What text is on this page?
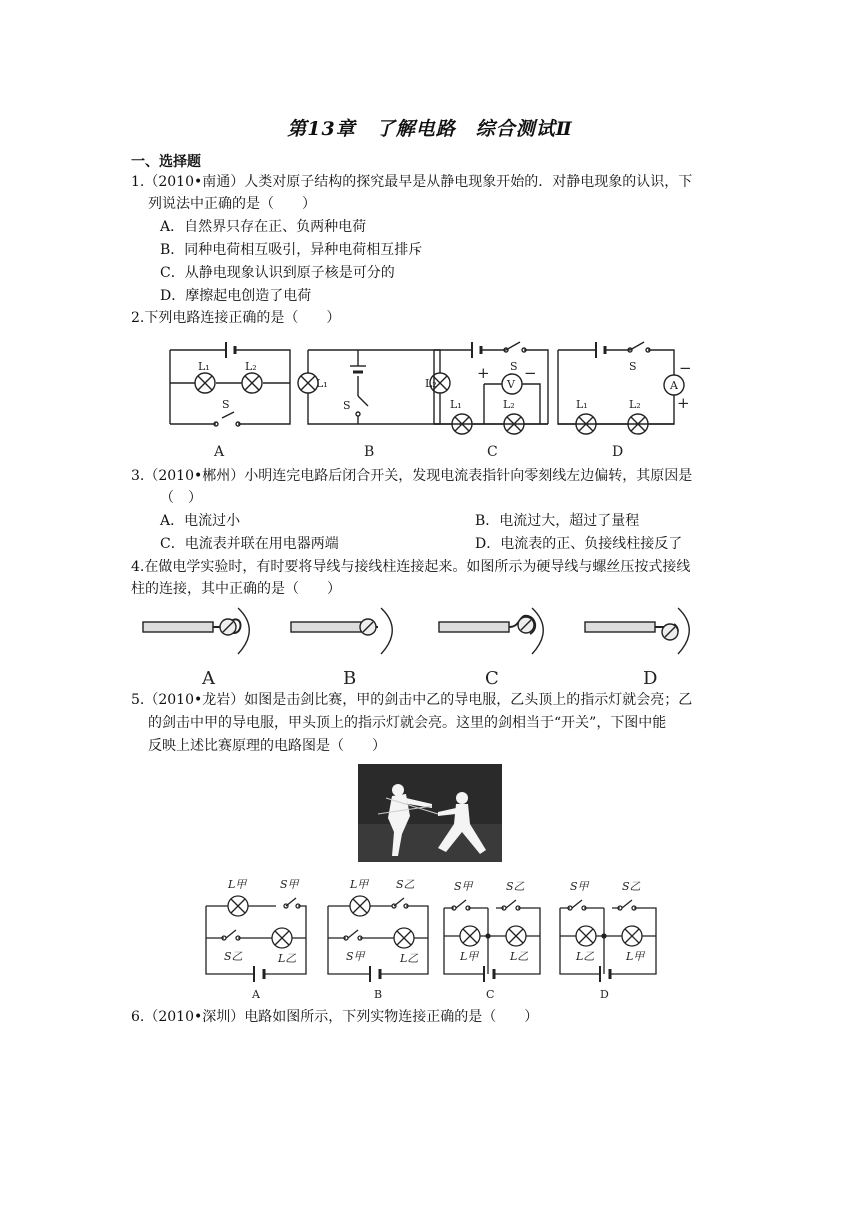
第13章　了解电路　综合测试Ⅱ
一、选择题
1.（2010•南通）人类对原子结构的探究最早是从静电现象开始的．对静电现象的认识，下
列说法中正确的是（　　）
A．自然界只存在正、负两种电荷
B．同种电荷相互吸引，异种电荷相互排斥
C．从静电现象认识到原子核是可分的
D．摩擦起电创造了电荷
2.下列电路连接正确的是（　　）
L₁	L₂
S
L₁	L₂
S
S
V
+ −
L₁	L₂
S
A
−
+
L₁	L₂
A	B	C	D
3.（2010•郴州）小明连完电路后闭合开关，发现电流表指针向零刻线左边偏转，其原因是
（　）
A．电流过小	B．电流过大，超过了量程
C．电流表并联在用电器两端	D．电流表的正、负接线柱接反了
4.在做电学实验时，有时要将导线与接线柱连接起来。如图所示为硬导线与螺丝压按式接线
柱的连接，其中正确的是（　　）
A	B	C	D
5.（2010•龙岩）如图是击剑比赛，甲的剑击中乙的导电服，乙头顶上的指示灯就会亮；乙
的剑击中甲的导电服，甲头顶上的指示灯就会亮。这里的剑相当于“开关”，下图中能
反映上述比赛原理的电路图是（　　）
L甲	S甲
S乙	L乙
L甲	S乙
S甲	L乙
S甲	S乙
L甲	L乙
S甲	S乙
L乙	L甲
A	B	C	D
6.（2010•深圳）电路如图所示，下列实物连接正确的是（　　）
